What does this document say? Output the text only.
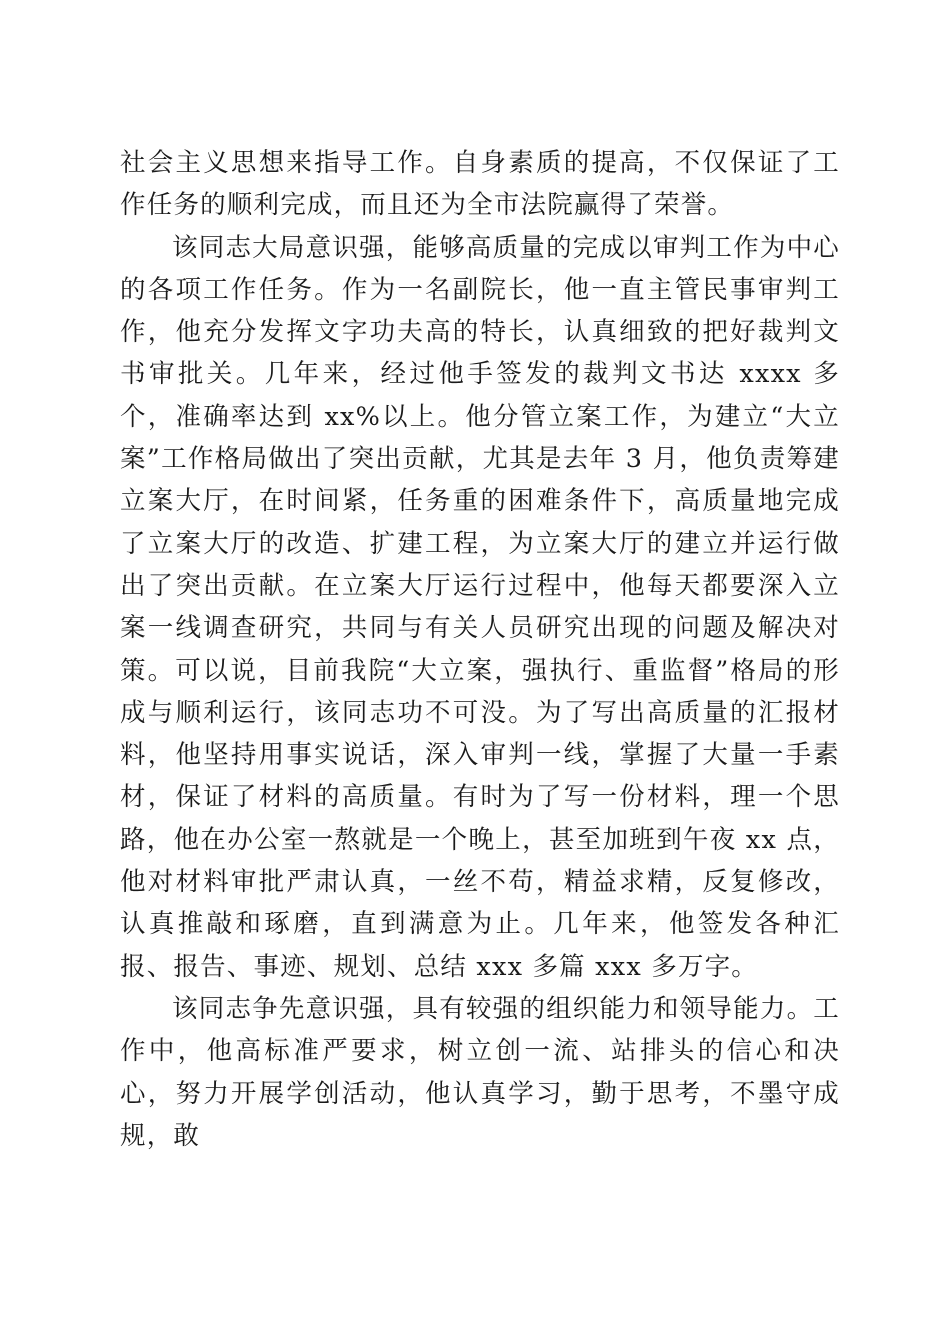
社会主义思想来指导工作。自身素质的提高，不仅保证了工作任务的顺利完成，而且还为全市法院赢得了荣誉。

该同志大局意识强，能够高质量的完成以审判工作为中心的各项工作任务。作为一名副院长，他一直主管民事审判工作，他充分发挥文字功夫高的特长，认真细致的把好裁判文书审批关。几年来，经过他手签发的裁判文书达 xxxx 多个，准确率达到 xx%以上。他分管立案工作，为建立“大立案”工作格局做出了突出贡献，尤其是去年 3 月，他负责筹建立案大厅，在时间紧，任务重的困难条件下，高质量地完成了立案大厅的改造、扩建工程，为立案大厅的建立并运行做出了突出贡献。在立案大厅运行过程中，他每天都要深入立案一线调查研究，共同与有关人员研究出现的问题及解决对策。可以说，目前我院“大立案，强执行、重监督”格局的形成与顺利运行，该同志功不可没。为了写出高质量的汇报材料，他坚持用事实说话，深入审判一线，掌握了大量一手素材，保证了材料的高质量。有时为了写一份材料，理一个思路，他在办公室一熬就是一个晚上，甚至加班到午夜 xx 点，他对材料审批严肃认真，一丝不苟，精益求精，反复修改，认真推敲和琢磨，直到满意为止。几年来，他签发各种汇报、报告、事迹、规划、总结 xxx 多篇 xxx 多万字。

该同志争先意识强，具有较强的组织能力和领导能力。工作中，他高标准严要求，树立创一流、站排头的信心和决心，努力开展学创活动，他认真学习，勤于思考，不墨守成规，敢
